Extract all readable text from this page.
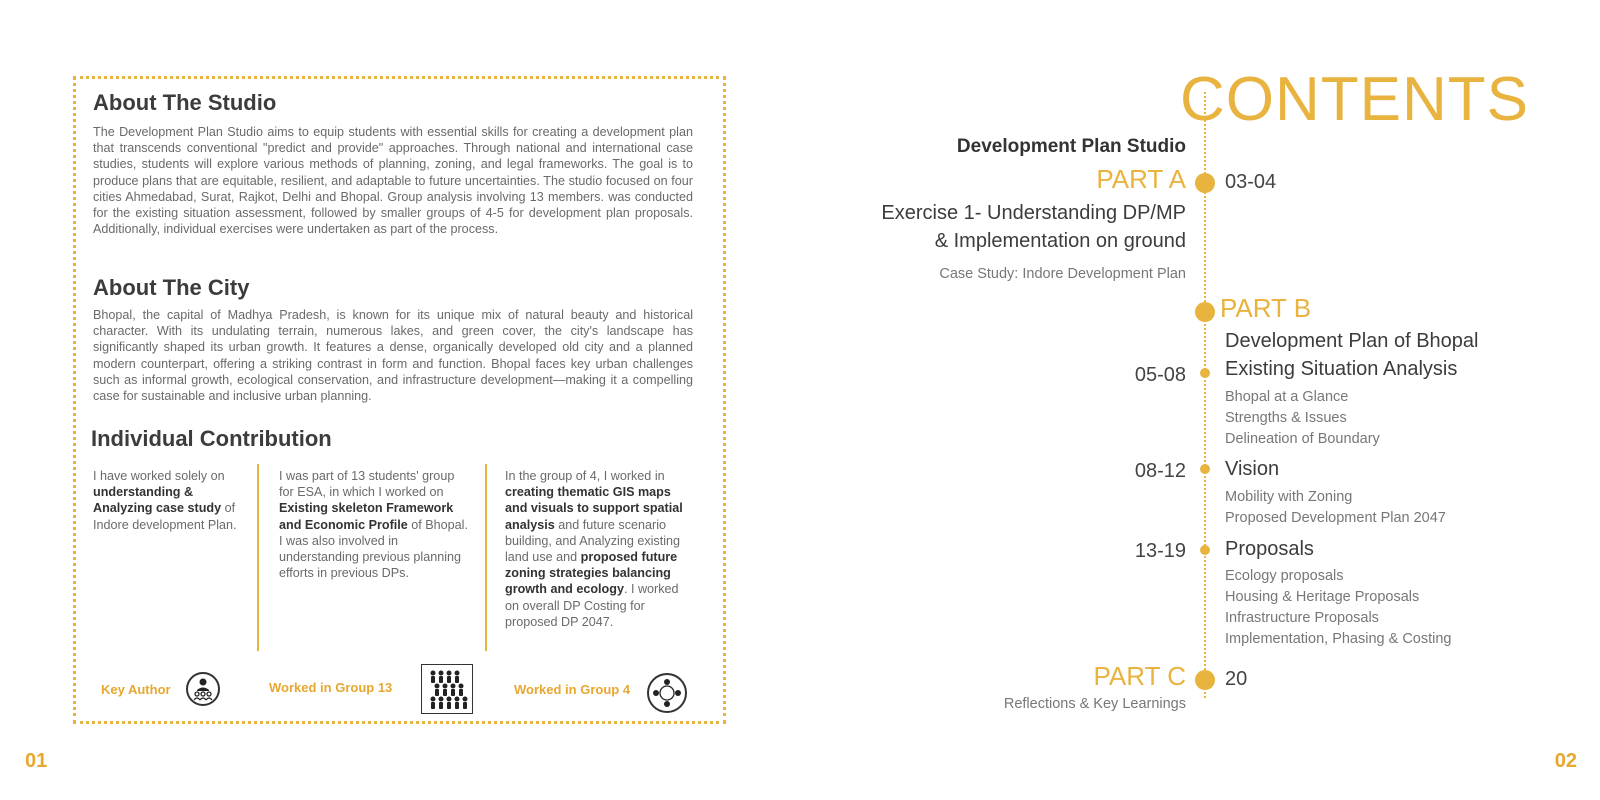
About The Studio

The Development Plan Studio aims to equip students with essential skills for creating a development plan that transcends conventional "predict and provide" approaches. Through national and international case studies, students will explore various methods of planning, zoning, and legal frameworks. The goal is to produce plans that are equitable, resilient, and adaptable to future uncertainties. The studio focused on four cities Ahmedabad, Surat, Rajkot, Delhi and Bhopal. Group analysis involving 13 members. was conducted for the existing situation assessment, followed by smaller groups of 4-5 for development plan proposals. Additionally, individual exercises were undertaken as part of the process.

About The City

Bhopal, the capital of Madhya Pradesh, is known for its unique mix of natural beauty and historical character. With its undulating terrain, numerous lakes, and green cover, the city's landscape has significantly shaped its urban growth. It features a dense, organically developed old city and a planned modern counterpart, offering a striking contrast in form and function. Bhopal faces key urban challenges such as informal growth, ecological conservation, and infrastructure development—making it a compelling case for sustainable and inclusive urban planning.

Individual Contribution
I have worked solely on understanding & Analyzing case study of Indore development Plan.
I was part of 13 students' group for ESA, in which I worked on Existing skeleton Framework and Economic Profile of Bhopal. I was also involved in understanding previous planning efforts in previous DPs.
In the group of 4, I worked in creating thematic GIS maps and visuals to support spatial analysis and future scenario building, and Analyzing existing land use and proposed future zoning strategies balancing growth and ecology. I worked on overall DP Costing for proposed DP 2047.
Key Author	Worked in Group 13	Worked in Group 4
01
CONTENTS
Development Plan Studio
PART A 03-04
Exercise 1- Understanding DP/MP
& Implementation on ground
Case Study: Indore Development Plan
PART B
Development Plan of Bhopal
05-08 Existing Situation Analysis
Bhopal at a Glance
Strengths & Issues
Delineation of Boundary
08-12 Vision
Mobility with Zoning
Proposed Development Plan 2047
13-19 Proposals
Ecology proposals
Housing & Heritage Proposals
Infrastructure Proposals
Implementation, Phasing & Costing
PART C 20
Reflections & Key Learnings
02
